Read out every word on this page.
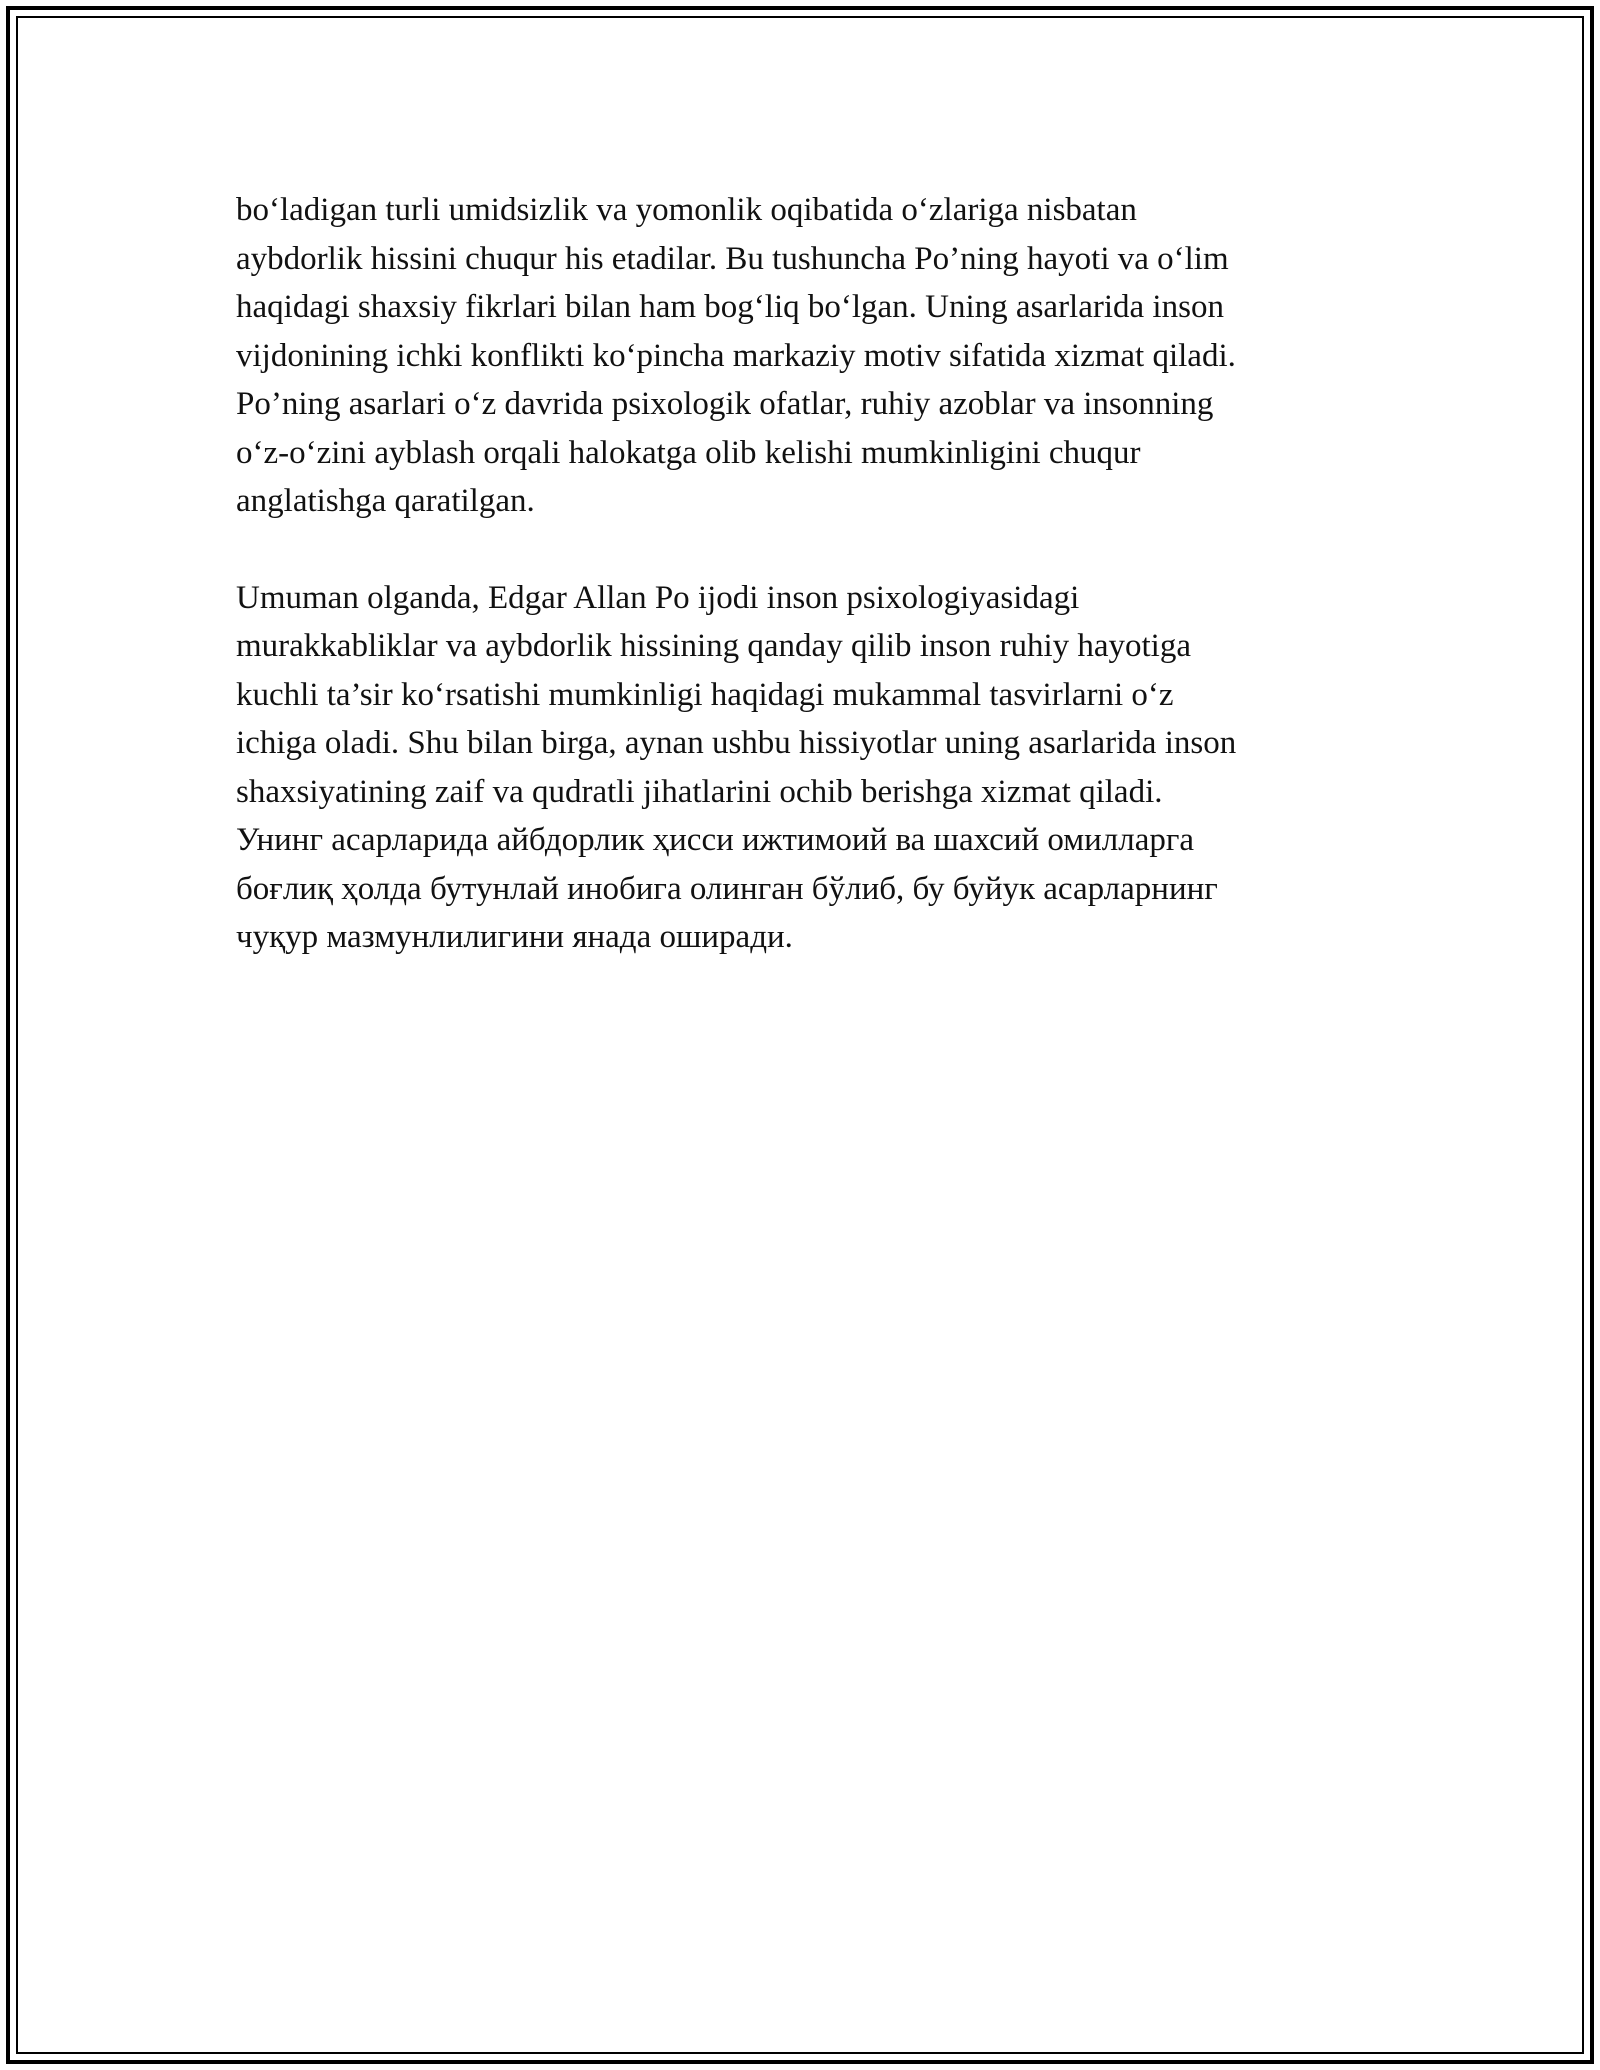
boʻladigan turli umidsizlik va yomonlik oqibatida oʻzlariga nisbatan
aybdorlik hissini chuqur his etadilar. Bu tushuncha Po’ning hayoti va oʻlim
haqidagi shaxsiy fikrlari bilan ham bogʻliq boʻlgan. Uning asarlarida inson
vijdonining ichki konflikti koʻpincha markaziy motiv sifatida xizmat qiladi.
Po’ning asarlari oʻz davrida psixologik ofatlar, ruhiy azoblar va insonning
oʻz-oʻzini ayblash orqali halokatga olib kelishi mumkinligini chuqur
anglatishga qaratilgan.

Umuman olganda, Edgar Allan Po ijodi inson psixologiyasidagi
murakkabliklar va aybdorlik hissining qanday qilib inson ruhiy hayotiga
kuchli ta’sir koʻrsatishi mumkinligi haqidagi mukammal tasvirlarni oʻz
ichiga oladi. Shu bilan birga, aynan ushbu hissiyotlar uning asarlarida inson
shaxsiyatining zaif va qudratli jihatlarini ochib berishga xizmat qiladi.
Унинг асарларида айбдорлик ҳисси ижтимоий ва шахсий омилларга
боғлиқ ҳолда бутунлай инобига олинган бўлиб, бу буйук асарларнинг
чуқур мазмунлилигини янада оширади.
